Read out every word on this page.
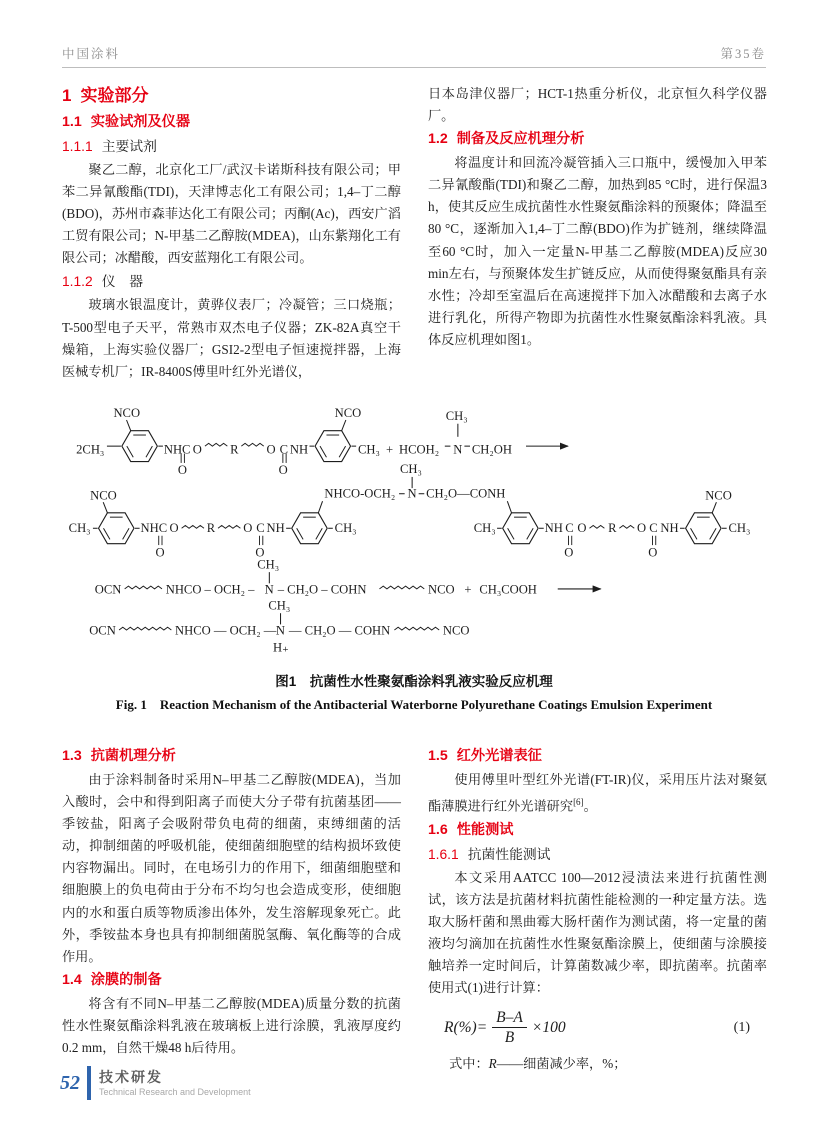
中国涂料	第35卷
1 实验部分
1.1 实验试剂及仪器
1.1.1 主要试剂

聚乙二醇，北京化工厂/武汉卡诺斯科技有限公司；甲苯二异氰酸酯(TDI)，天津博志化工有限公司；1,4–丁二醇(BDO)，苏州市森菲达化工有限公司；丙酮(Ac)，西安广滔工贸有限公司；N-甲基二乙醇胺(MDEA)，山东紫翔化工有限公司；冰醋酸，西安蓝翔化工有限公司。

1.1.2 仪　器

玻璃水银温度计，黄骅仪表厂；冷凝管；三口烧瓶；T-500型电子天平，常熟市双杰电子仪器；ZK-82A真空干燥箱，上海实验仪器厂；GSI2-2型电子恒速搅拌器，上海医械专机厂；IR-8400S傅里叶红外光谱仪，

日本岛津仪器厂；HCT-1热重分析仪，北京恒久科学仪器厂。

1.2 制备及反应机理分析

将温度计和回流冷凝管插入三口瓶中，缓慢加入甲苯二异氰酸酯(TDI)和聚乙二醇，加热到85 °C时，进行保温3 h，使其反应生成抗菌性水性聚氨酯涂料的预聚体；降温至80 °C，逐渐加入1,4–丁二醇(BDO)作为扩链剂，继续降温至60 °C时，加入一定量N-甲基二乙醇胺(MDEA)反应30 min左右，与预聚体发生扩链反应，从而使得聚氨酯具有亲水性；冷却至室温后在高速搅拌下加入冰醋酸和去离子水进行乳化，所得产物即为抗菌性水性聚氨酯涂料乳液。具体反应机理如图1。

2CH₃
NCO
NHC
O
O R O C
O
NH
NCO
CH₃ + HCOH₂ N
CH₃
CH₂OH
CH₃
NCO
NHC
O
O R O C
O
NH	CH₃
NHCO-OCH₂ N
CH₃
CH₂O—CONH
CH₃	NH C
O
O R O C
O
NH
NCO
CH₃
OCN	NHCO – OCH₂ – N
CH₃
– CH₂O – COHN	NCO + CH₃COOH
OCN	NHCO — OCH₂ — N
CH₃
H₊
— CH₂O — COHN	NCO
图1　抗菌性水性聚氨酯涂料乳液实验反应机理
Fig. 1　Reaction Mechanism of the Antibacterial Waterborne Polyurethane Coatings Emulsion Experiment
1.3 抗菌机理分析

由于涂料制备时采用N–甲基二乙醇胺(MDEA)，当加入酸时，会中和得到阳离子而使大分子带有抗菌基团——季铵盐，阳离子会吸附带负电荷的细菌，束缚细菌的活动，抑制细菌的呼吸机能，使细菌细胞壁的结构损坏致使内容物漏出。同时，在电场引力的作用下，细菌细胞壁和细胞膜上的负电荷由于分布不均匀也会造成变形，使细胞内的水和蛋白质等物质渗出体外，发生溶解现象死亡。此外，季铵盐本身也具有抑制细菌脱氢酶、氧化酶等的合成作用。

1.4 涂膜的制备

将含有不同N–甲基二乙醇胺(MDEA)质量分数的抗菌性水性聚氨酯涂料乳液在玻璃板上进行涂膜，乳液厚度约0.2 mm，自然干燥48 h后待用。

1.5 红外光谱表征

使用傅里叶型红外光谱(FT-IR)仪，采用压片法对聚氨酯薄膜进行红外光谱研究[6]。

1.6 性能测试
1.6.1 抗菌性能测试

本文采用AATCC 100—2012浸渍法来进行抗菌性测试，该方法是抗菌材料抗菌性能检测的一种定量方法。选取大肠杆菌和黑曲霉大肠杆菌作为测试菌，将一定量的菌液均匀滴加在抗菌性水性聚氨酯涂膜上，使细菌与涂膜接触培养一定时间后，计算菌数减少率，即抗菌率。抗菌率使用式(1)进行计算：

$R(\%)= \frac{B-A}{B} \times 100$	(1)

式中：R——细菌减少率，%；

52 技术研发
Technical Research and Development
